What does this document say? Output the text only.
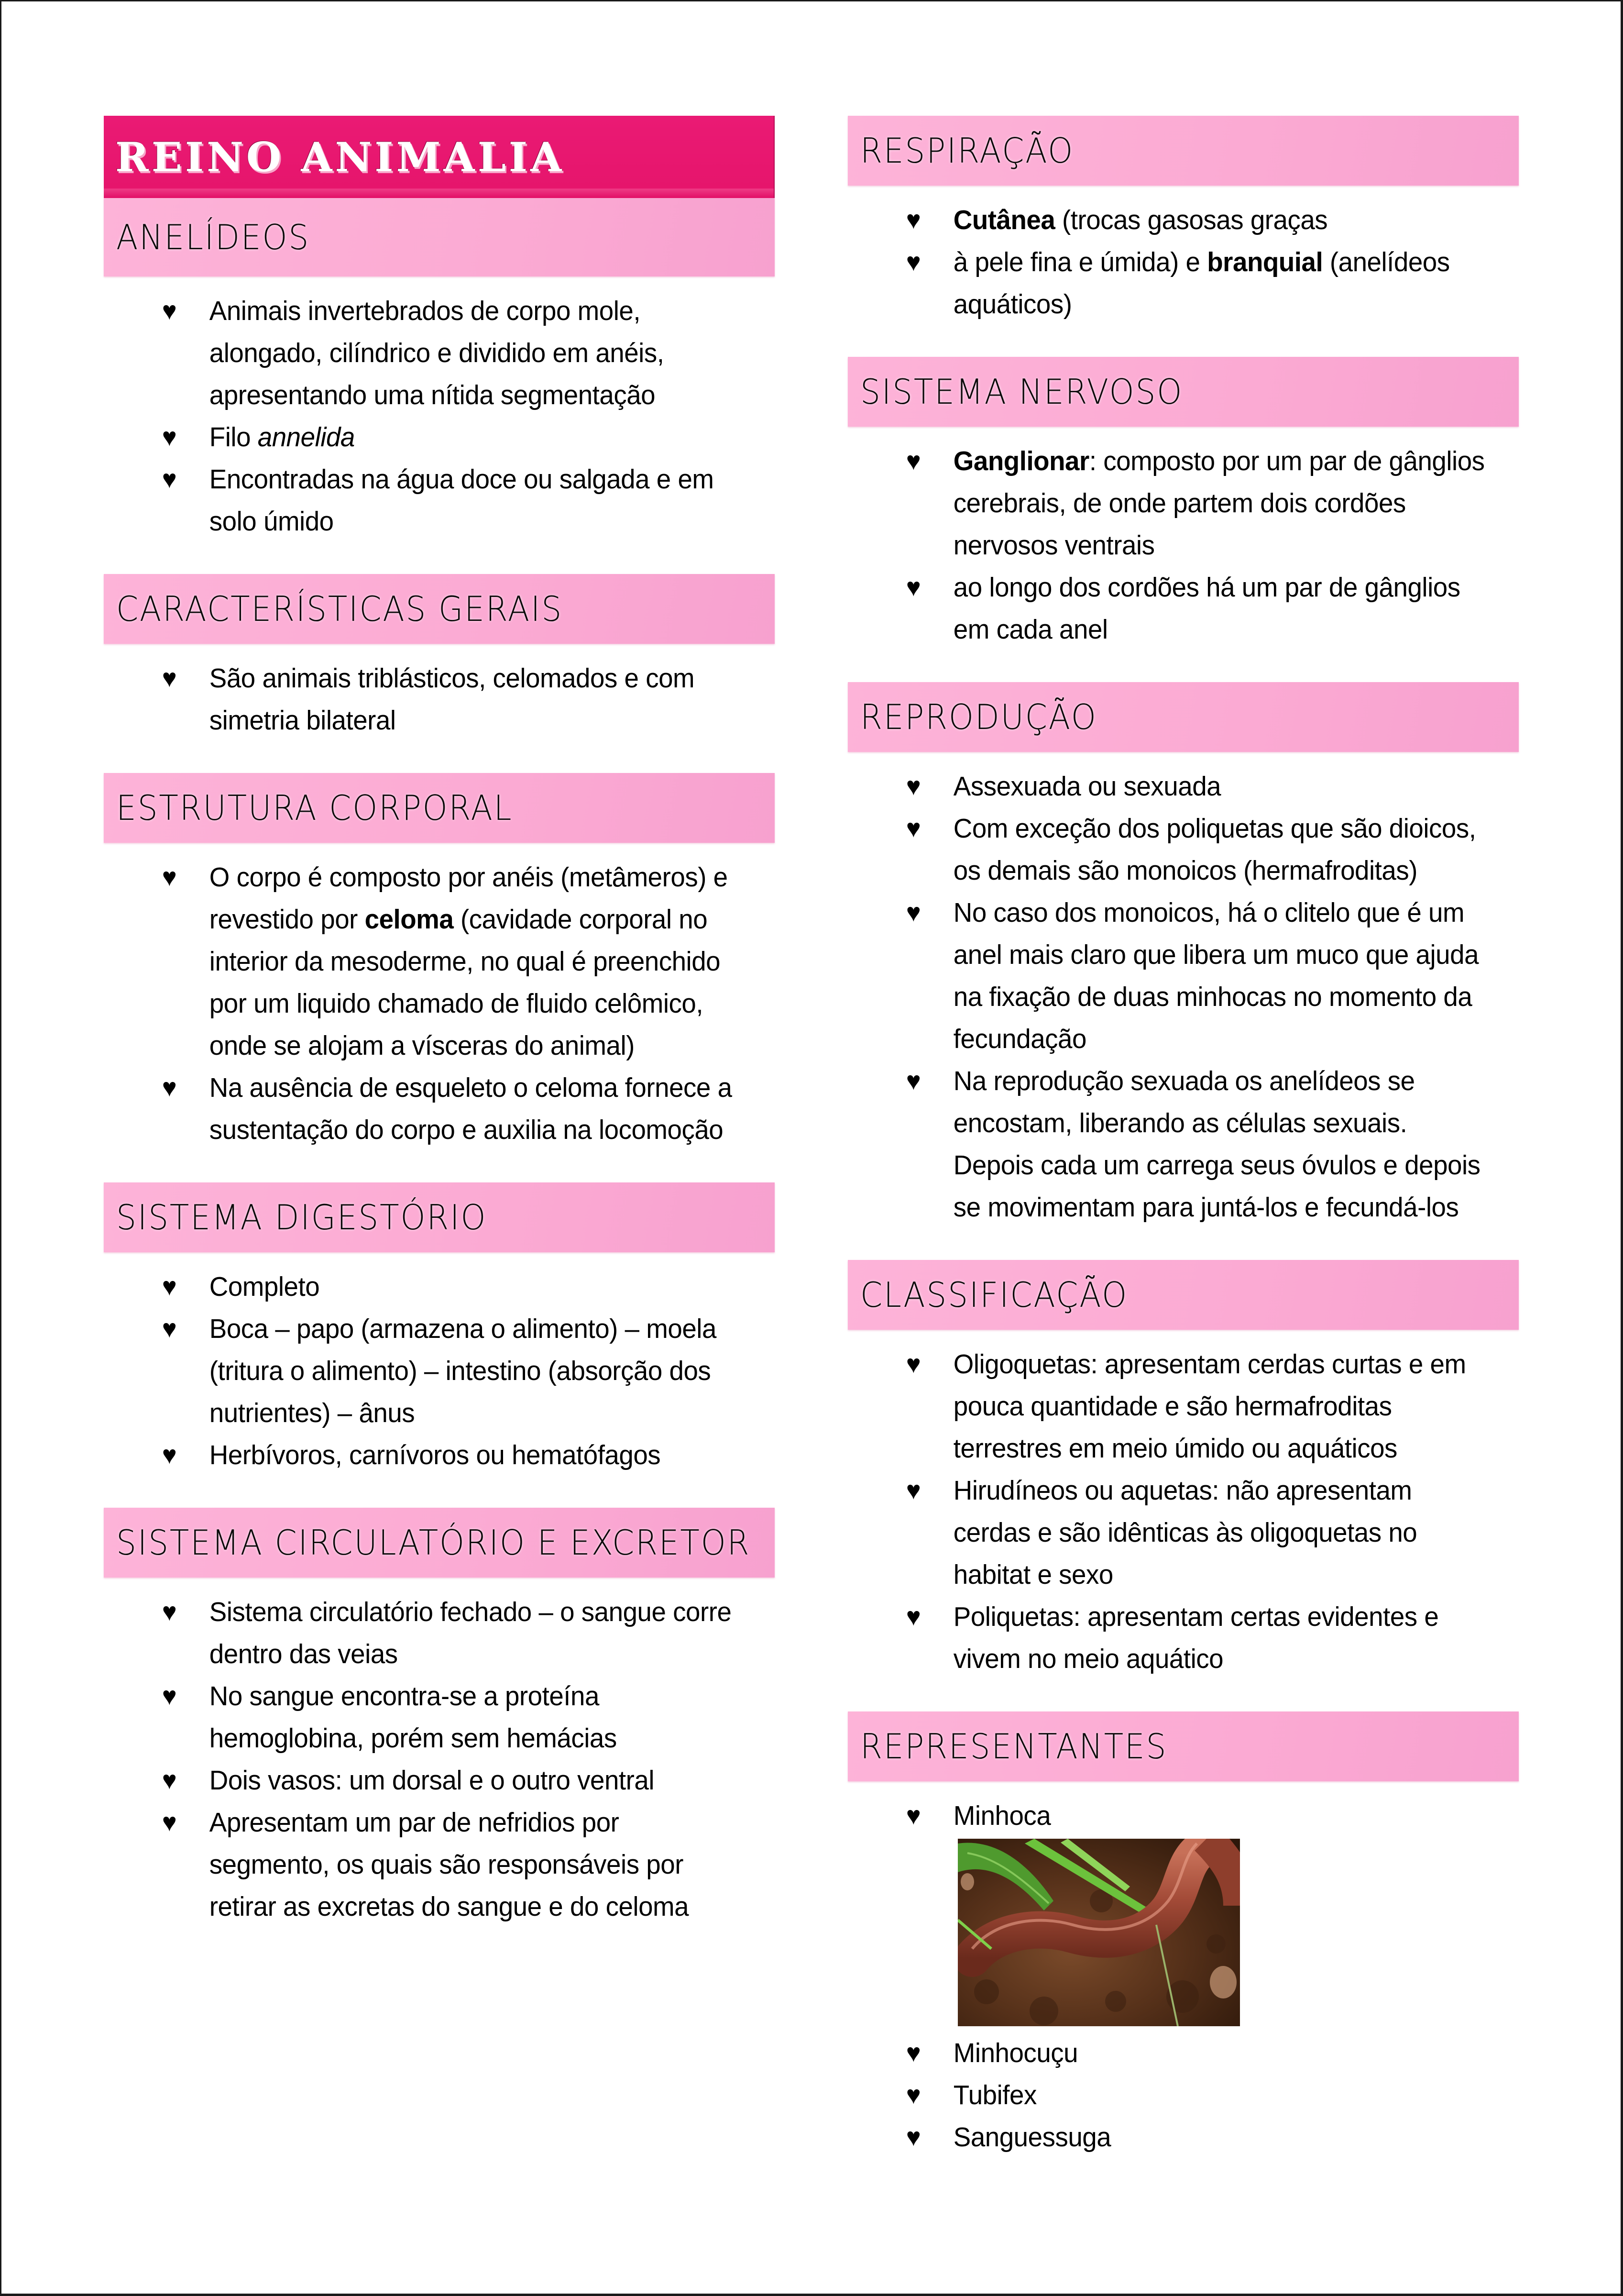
REINO ANIMALIA
ANELÍDEOS
♥ Animais invertebrados de corpo mole, alongado, cilíndrico e dividido em anéis, apresentando uma nítida segmentação
♥ Filo annelida
♥ Encontradas na água doce ou salgada e em solo úmido
CARACTERÍSTICAS GERAIS
♥ São animais triblásticos, celomados e com simetria bilateral
ESTRUTURA CORPORAL
♥ O corpo é composto por anéis (metâmeros) e revestido por celoma (cavidade corporal no interior da mesoderme, no qual é preenchido por um liquido chamado de fluido celômico, onde se alojam a vísceras do animal)
♥ Na ausência de esqueleto o celoma fornece a sustentação do corpo e auxilia na locomoção
SISTEMA DIGESTÓRIO
♥ Completo
♥ Boca – papo (armazena o alimento) – moela (tritura o alimento) – intestino (absorção dos nutrientes) – ânus
♥ Herbívoros, carnívoros ou hematófagos
SISTEMA CIRCULATÓRIO E EXCRETOR
♥ Sistema circulatório fechado – o sangue corre dentro das veias
♥ No sangue encontra-se a proteína hemoglobina, porém sem hemácias
♥ Dois vasos: um dorsal e o outro ventral
♥ Apresentam um par de nefridios por segmento, os quais são responsáveis por retirar as excretas do sangue e do celoma
RESPIRAÇÃO
♥ Cutânea (trocas gasosas graças
♥ à pele fina e úmida) e branquial (anelídeos aquáticos)
SISTEMA NERVOSO
♥ Ganglionar: composto por um par de gânglios cerebrais, de onde partem dois cordões nervosos ventrais
♥ ao longo dos cordões há um par de gânglios em cada anel
REPRODUÇÃO
♥ Assexuada ou sexuada
♥ Com exceção dos poliquetas que são dioicos, os demais são monoicos (hermafroditas)
♥ No caso dos monoicos, há o clitelo que é um anel mais claro que libera um muco que ajuda na fixação de duas minhocas no momento da fecundação
♥ Na reprodução sexuada os anelídeos se encostam, liberando as células sexuais. Depois cada um carrega seus óvulos e depois se movimentam para juntá-los e fecundá-los
CLASSIFICAÇÃO
♥ Oligoquetas: apresentam cerdas curtas e em pouca quantidade e são hermafroditas terrestres em meio úmido ou aquáticos
♥ Hirudíneos ou aquetas: não apresentam cerdas e são idênticas às oligoquetas no habitat e sexo
♥ Poliquetas: apresentam certas evidentes e vivem no meio aquático
REPRESENTANTES
♥ Minhoca
♥ Minhocuçu
♥ Tubifex
♥ Sanguessuga
